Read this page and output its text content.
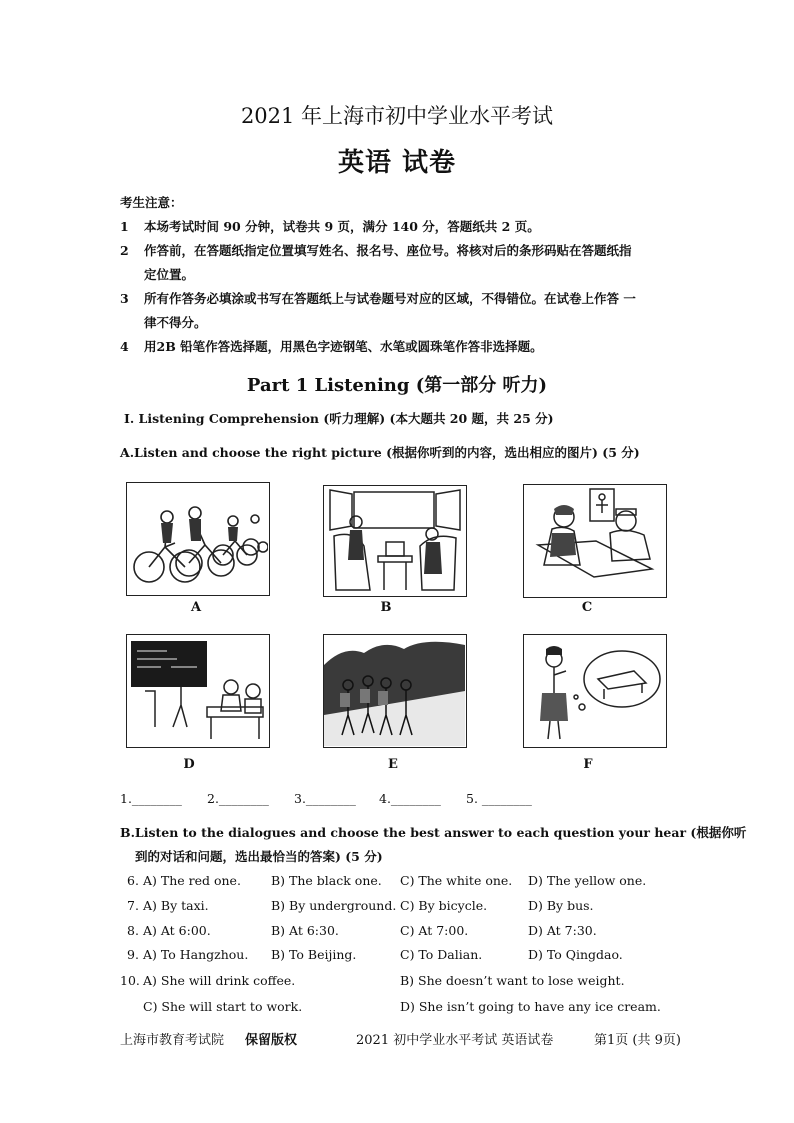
2021 年上海市初中学业水平考试
英语 试卷
考生注意：
1 本场考试时间 90 分钟，试卷共 9 页，满分 140 分，答题纸共 2 页。
2 作答前，在答题纸指定位置填写姓名、报名号、座位号。将核对后的条形码贴在答题纸指
定位置。
3 所有作答务必填涂或书写在答题纸上与试卷题号对应的区域，不得错位。在试卷上作答 一
律不得分。
4 用2B 铅笔作答选择题，用黑色字迹钢笔、水笔或圆珠笔作答非选择题。
Part 1 Listening (第一部分 听力)
I. Listening Comprehension (听力理解) (本大题共 20 题，共 25 分)
A.Listen and choose the right picture (根据你听到的内容，选出相应的图片) (5 分)
A	B	C
D	E	F
1.________ 2.________ 3.________ 4.________ 5. ________
B.Listen to the dialogues and choose the best answer to each question your hear (根据你听
到的对话和问题，选出最恰当的答案) (5 分)
6. A) The red one. B) The black one. C) The white one. D) The yellow one.
7. A) By taxi.	B) By underground. C) By bicycle.	D) By bus.
8. A) At 6:00.	B) At 6:30.	C) At 7:00.	D) At 7:30.
9. A) To Hangzhou. B) To Beijing.	C) To Dalian.	D) To Qingdao.
10. A) She will drink coffee.	B) She doesn’t want to lose weight.
C) She will start to work.	D) She isn’t going to have any ice cream.
上海市教育考试院 保留版权	2021 初中学业水平考试 英语试卷	第1页 (共 9页)
